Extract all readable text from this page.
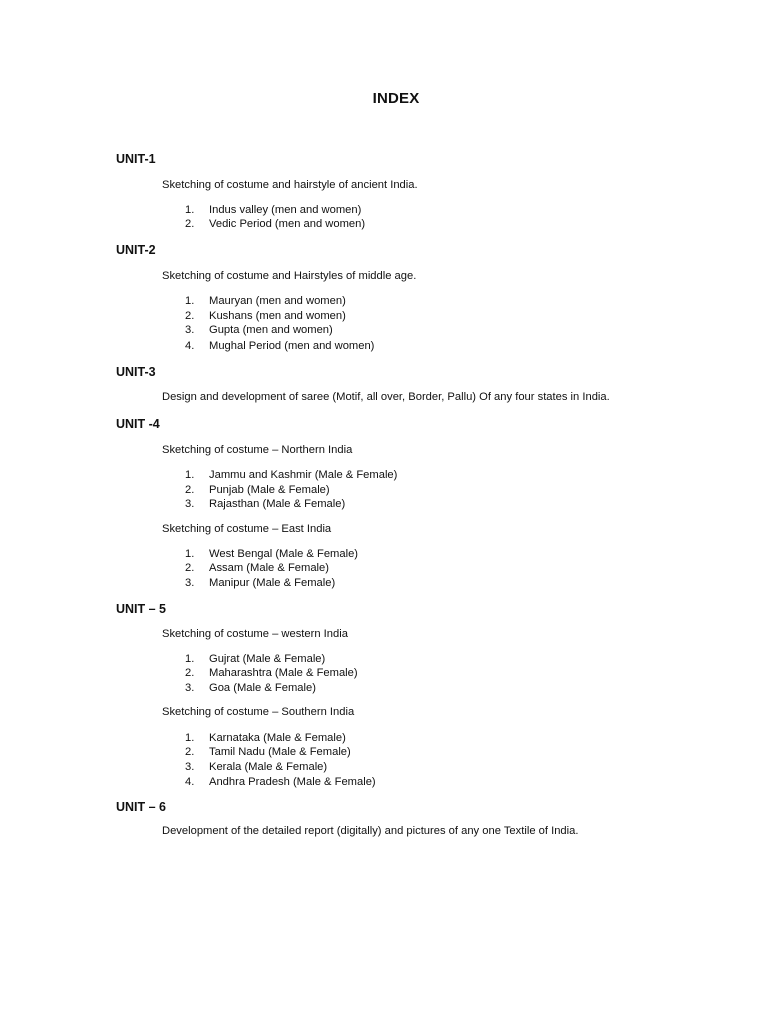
INDEX
UNIT-1
Sketching of costume and hairstyle of ancient India.
1. Indus valley (men and women)
2. Vedic Period (men and women)
UNIT-2
Sketching of costume and Hairstyles of middle age.
1. Mauryan (men and women)
2. Kushans (men and women)
3. Gupta (men and women)
4. Mughal Period (men and women)
UNIT-3
Design and development of saree (Motif, all over, Border, Pallu) Of any four states in India.
UNIT -4
Sketching of costume – Northern India
1. Jammu and Kashmir (Male & Female)
2. Punjab (Male & Female)
3. Rajasthan (Male & Female)
Sketching of costume – East India
1. West Bengal (Male & Female)
2. Assam (Male & Female)
3. Manipur (Male & Female)
UNIT – 5
Sketching of costume – western India
1. Gujrat (Male & Female)
2. Maharashtra (Male & Female)
3. Goa (Male & Female)
Sketching of costume – Southern India
1. Karnataka (Male & Female)
2. Tamil Nadu (Male & Female)
3. Kerala (Male & Female)
4. Andhra Pradesh (Male & Female)
UNIT – 6
Development of the detailed report (digitally) and pictures of any one Textile of India.
